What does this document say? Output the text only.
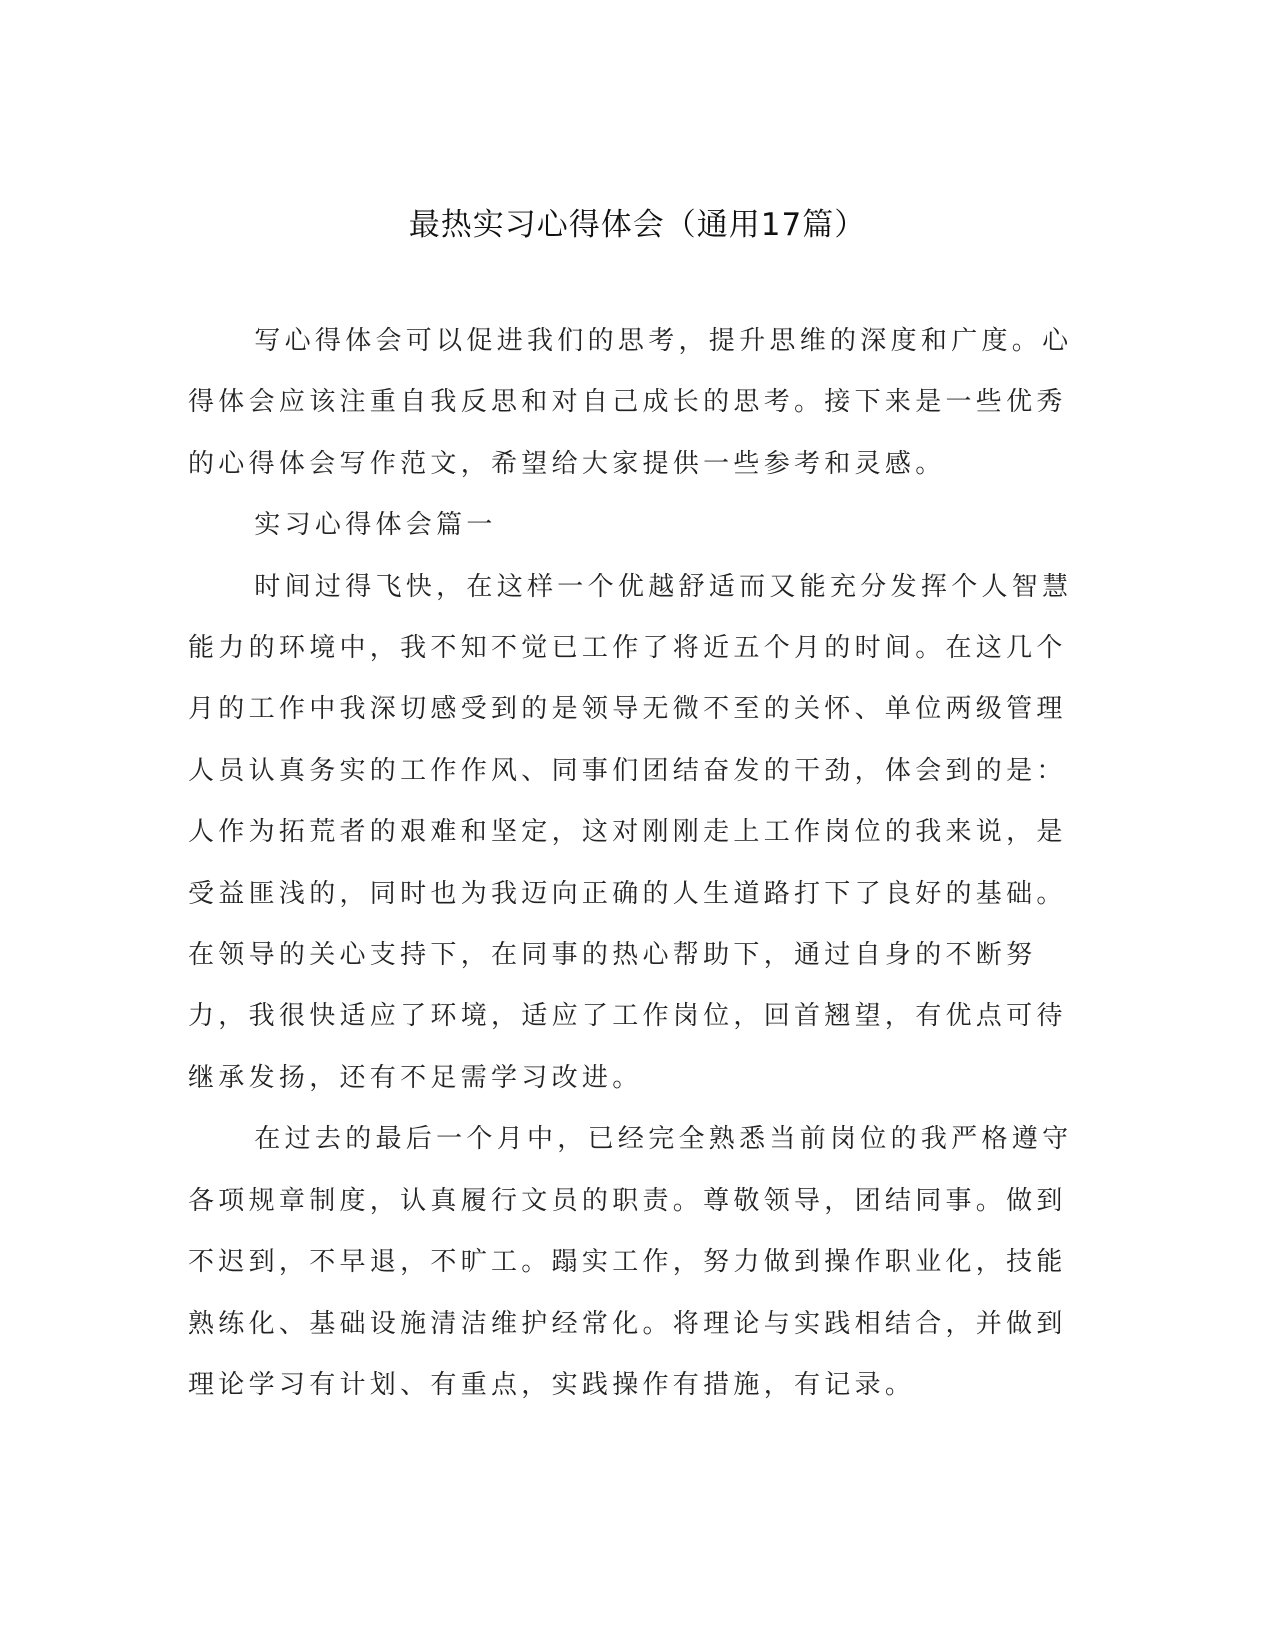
最热实习心得体会（通用17篇）

写心得体会可以促进我们的思考，提升思维的深度和广度。心得体会应该注重自我反思和对自己成长的思考。接下来是一些优秀的心得体会写作范文，希望给大家提供一些参考和灵感。

实习心得体会篇一

时间过得飞快，在这样一个优越舒适而又能充分发挥个人智慧能力的环境中，我不知不觉已工作了将近五个月的时间。在这几个月的工作中我深切感受到的是领导无微不至的关怀、单位两级管理人员认真务实的工作作风、同事们团结奋发的干劲，体会到的是：人作为拓荒者的艰难和坚定，这对刚刚走上工作岗位的我来说，是受益匪浅的，同时也为我迈向正确的人生道路打下了良好的基础。在领导的关心支持下，在同事的热心帮助下，通过自身的不断努力，我很快适应了环境，适应了工作岗位，回首翘望，有优点可待继承发扬，还有不足需学习改进。

在过去的最后一个月中，已经完全熟悉当前岗位的我严格遵守各项规章制度，认真履行文员的职责。尊敬领导，团结同事。做到不迟到，不早退，不旷工。蹋实工作，努力做到操作职业化，技能熟练化、基础设施清洁维护经常化。将理论与实践相结合，并做到理论学习有计划、有重点，实践操作有措施，有记录。
